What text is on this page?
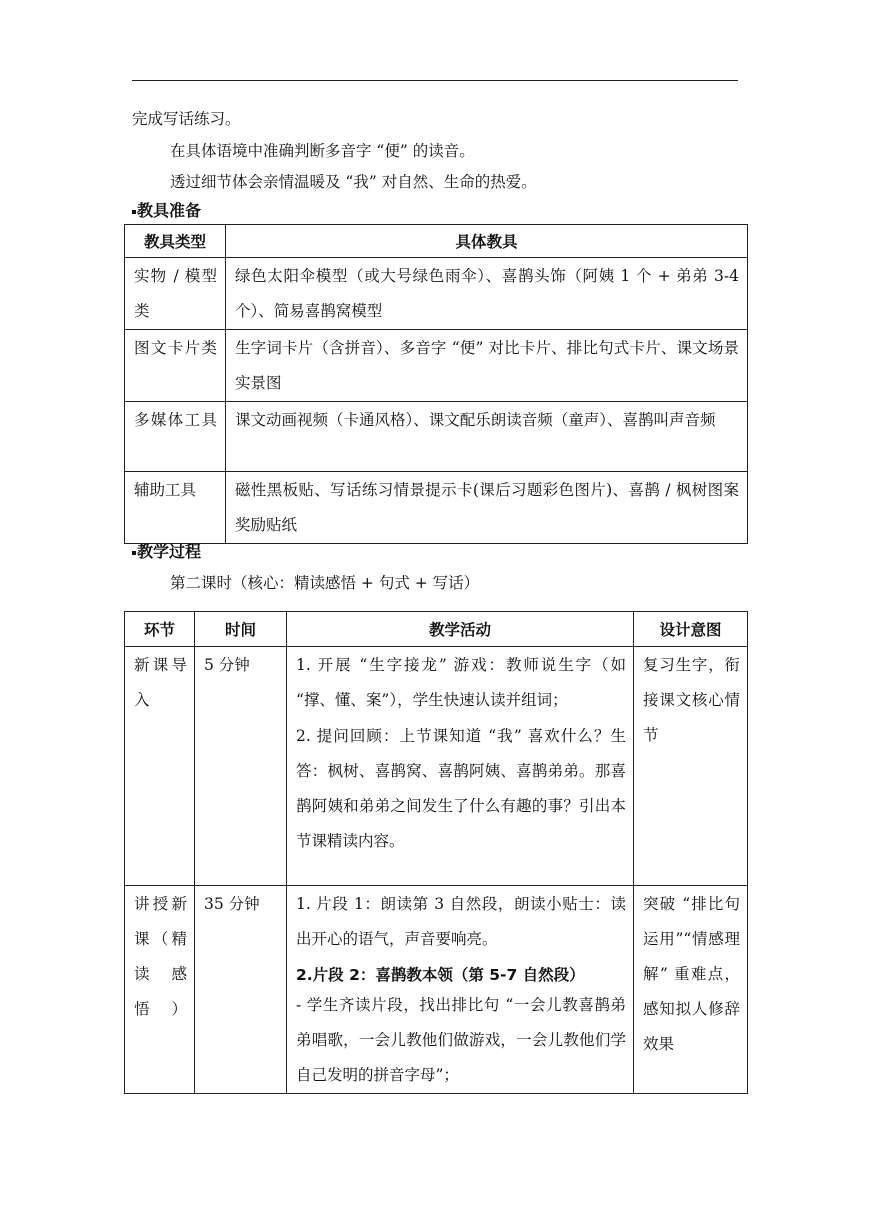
完成写话练习。
在具体语境中准确判断多音字 “便” 的读音。
透过细节体会亲情温暖及 “我” 对自然、生命的热爱。
教具准备
教具类型	具体教具

实物 / 模型类	绿色太阳伞模型（或大号绿色雨伞）、喜鹊头饰（阿姨 1 个 + 弟弟 3-4 个）、简易喜鹊窝模型

图文卡片类	生字词卡片（含拼音）、多音字 “便” 对比卡片、排比句式卡片、课文场景实景图

多媒体工具	课文动画视频（卡通风格）、课文配乐朗读音频（童声）、喜鹊叫声音频

辅助工具	磁性黑板贴、写话练习情景提示卡(课后习题彩色图片)、喜鹊 / 枫树图案奖励贴纸
教学过程
第二课时（核心：精读感悟 + 句式 + 写话）
环节	时间	教学活动	设计意图

新课导入	5 分钟	1. 开展 “生字接龙” 游戏：教师说生字（如 “撑、懂、案”），学生快速认读并组词；
2. 提问回顾：上节课知道 “我” 喜欢什么？生答：枫树、喜鹊窝、喜鹊阿姨、喜鹊弟弟。那喜鹊阿姨和弟弟之间发生了什么有趣的事？引出本节课精读内容。	复习生字，衔接课文核心情节

讲授新课（精读感悟）	35 分钟	1. 片段 1：朗读第 3 自然段，朗读小贴士：读出开心的语气，声音要响亮。
2.片段 2：喜鹊教本领（第 5-7 自然段）
- 学生齐读片段，找出排比句 “一会儿教喜鹊弟弟唱歌，一会儿教他们做游戏，一会儿教他们学自己发明的拼音字母”；	突破 “排比句运用”“情感理解” 重难点，感知拟人修辞效果
